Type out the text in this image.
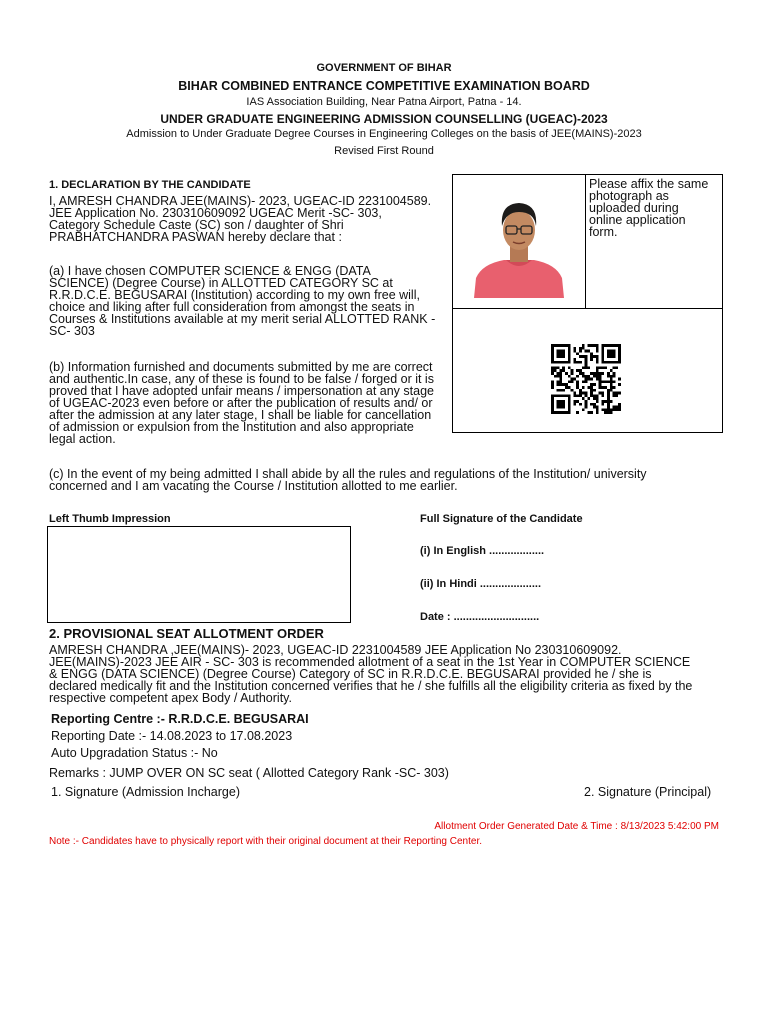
GOVERNMENT OF BIHAR
BIHAR COMBINED ENTRANCE COMPETITIVE EXAMINATION BOARD
IAS Association Building, Near Patna Airport, Patna - 14.
UNDER GRADUATE ENGINEERING ADMISSION COUNSELLING (UGEAC)-2023
Admission to Under Graduate Degree Courses in Engineering Colleges on the basis of JEE(MAINS)-2023
Revised First Round
1. DECLARATION BY THE CANDIDATE

I, AMRESH CHANDRA JEE(MAINS)- 2023, UGEAC-ID 2231004589.

JEE Application No. 230310609092 UGEAC Merit -SC- 303,

Category Schedule Caste (SC) son / daughter of Shri

PRABHATCHANDRA PASWAN hereby declare that :

(a) I have chosen COMPUTER SCIENCE & ENGG (DATA

SCIENCE) (Degree Course) in ALLOTTED CATEGORY SC at

R.R.D.C.E. BEGUSARAI (Institution) according to my own free will,

choice and liking after full consideration from amongst the seats in

Courses & Institutions available at my merit serial ALLOTTED RANK -

SC- 303

(b) Information furnished and documents submitted by me are correct

and authentic.In case, any of these is found to be false / forged or it is

proved that I have adopted unfair means / impersonation at any stage

of UGEAC-2023 even before or after the publication of results and/ or

after the admission at any later stage, I shall be liable for cancellation

of admission or expulsion from the Institution and also appropriate

legal action.

Please affix the same
photograph as
uploaded during
online application
form.

(c) In the event of my being admitted I shall abide by all the rules and regulations of the Institution/ university

concerned and I am vacating the Course / Institution allotted to me earlier.

Left Thumb Impression	Full Signature of the Candidate
(i) In English ..................
(ii) In Hindi ....................
Date : ............................
2. PROVISIONAL SEAT ALLOTMENT ORDER

AMRESH CHANDRA ,JEE(MAINS)- 2023, UGEAC-ID 2231004589 JEE Application No 230310609092.

JEE(MAINS)-2023 JEE AIR - SC- 303 is recommended allotment of a seat in the 1st Year in COMPUTER SCIENCE

& ENGG (DATA SCIENCE) (Degree Course) Category of SC in R.R.D.C.E. BEGUSARAI provided he / she is

declared medically fit and the Institution concerned verifies that he / she fulfills all the eligibility criteria as fixed by the

respective competent apex Body / Authority.

Reporting Centre :- R.R.D.C.E. BEGUSARAI
Reporting Date :- 14.08.2023 to 17.08.2023
Auto Upgradation Status :- No
Remarks : JUMP OVER ON SC seat ( Allotted Category Rank -SC- 303)
1. Signature (Admission Incharge)	2. Signature (Principal)
Allotment Order Generated Date & Time : 8/13/2023 5:42:00 PM
Note :- Candidates have to physically report with their original document at their Reporting Center.
